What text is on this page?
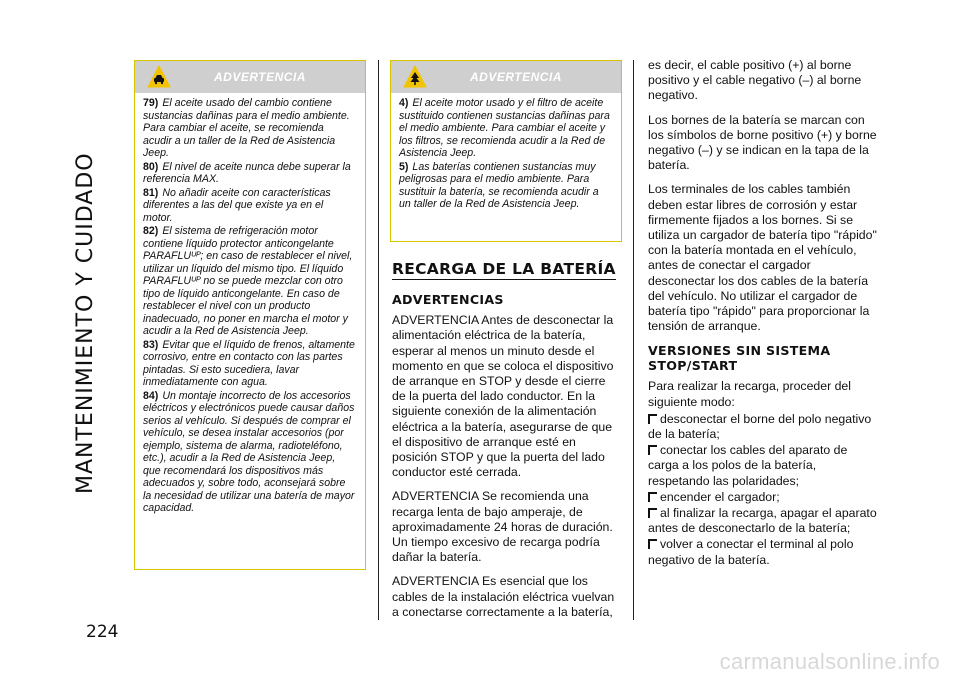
MANTENIMIENTO Y CUIDADO
224
ADVERTENCIA

79) El aceite usado del cambio contiene sustancias dañinas para el medio ambiente. Para cambiar el aceite, se recomienda acudir a un taller de la Red de Asistencia Jeep.

80) El nivel de aceite nunca debe superar la referencia MAX.

81) No añadir aceite con características diferentes a las del que existe ya en el motor.

82) El sistema de refrigeración motor contiene líquido protector anticongelante PARAFLUᵁᴾ; en caso de restablecer el nivel, utilizar un líquido del mismo tipo. El líquido PARAFLUᵁᴾ no se puede mezclar con otro tipo de líquido anticongelante. En caso de restablecer el nivel con un producto inadecuado, no poner en marcha el motor y acudir a la Red de Asistencia Jeep.

83) Evitar que el líquido de frenos, altamente corrosivo, entre en contacto con las partes pintadas. Si esto sucediera, lavar inmediatamente con agua.

84) Un montaje incorrecto de los accesorios eléctricos y electrónicos puede causar daños serios al vehículo. Si después de comprar el vehículo, se desea instalar accesorios (por ejemplo, sistema de alarma, radioteléfono, etc.), acudir a la Red de Asistencia Jeep, que recomendará los dispositivos más adecuados y, sobre todo, aconsejará sobre la necesidad de utilizar una batería de mayor capacidad.

ADVERTENCIA

4) El aceite motor usado y el filtro de aceite sustituido contienen sustancias dañinas para el medio ambiente. Para cambiar el aceite y los filtros, se recomienda acudir a la Red de Asistencia Jeep.

5) Las baterías contienen sustancias muy peligrosas para el medio ambiente. Para sustituir la batería, se recomienda acudir a un taller de la Red de Asistencia Jeep.

RECARGA DE LA BATERÍA
ADVERTENCIAS

ADVERTENCIA Antes de desconectar la alimentación eléctrica de la batería, esperar al menos un minuto desde el momento en que se coloca el dispositivo de arranque en STOP y desde el cierre de la puerta del lado conductor. En la siguiente conexión de la alimentación eléctrica a la batería, asegurarse de que el dispositivo de arranque esté en posición STOP y que la puerta del lado conductor esté cerrada.

ADVERTENCIA Se recomienda una recarga lenta de bajo amperaje, de aproximadamente 24 horas de duración. Un tiempo excesivo de recarga podría dañar la batería.

ADVERTENCIA Es esencial que los cables de la instalación eléctrica vuelvan a conectarse correctamente a la batería,

es decir, el cable positivo (+) al borne positivo y el cable negativo (–) al borne negativo.

Los bornes de la batería se marcan con los símbolos de borne positivo (+) y borne negativo (–) y se indican en la tapa de la batería.

Los terminales de los cables también deben estar libres de corrosión y estar firmemente fijados a los bornes. Si se utiliza un cargador de batería tipo "rápido" con la batería montada en el vehículo, antes de conectar el cargador desconectar los dos cables de la batería del vehículo. No utilizar el cargador de batería tipo "rápido" para proporcionar la tensión de arranque.

VERSIONES SIN SISTEMA STOP/START

Para realizar la recarga, proceder del siguiente modo:

desconectar el borne del polo negativo de la batería;
conectar los cables del aparato de carga a los polos de la batería, respetando las polaridades;
encender el cargador;
al finalizar la recarga, apagar el aparato antes de desconectarlo de la batería;
volver a conectar el terminal al polo negativo de la batería.
carmanualsonline.info
